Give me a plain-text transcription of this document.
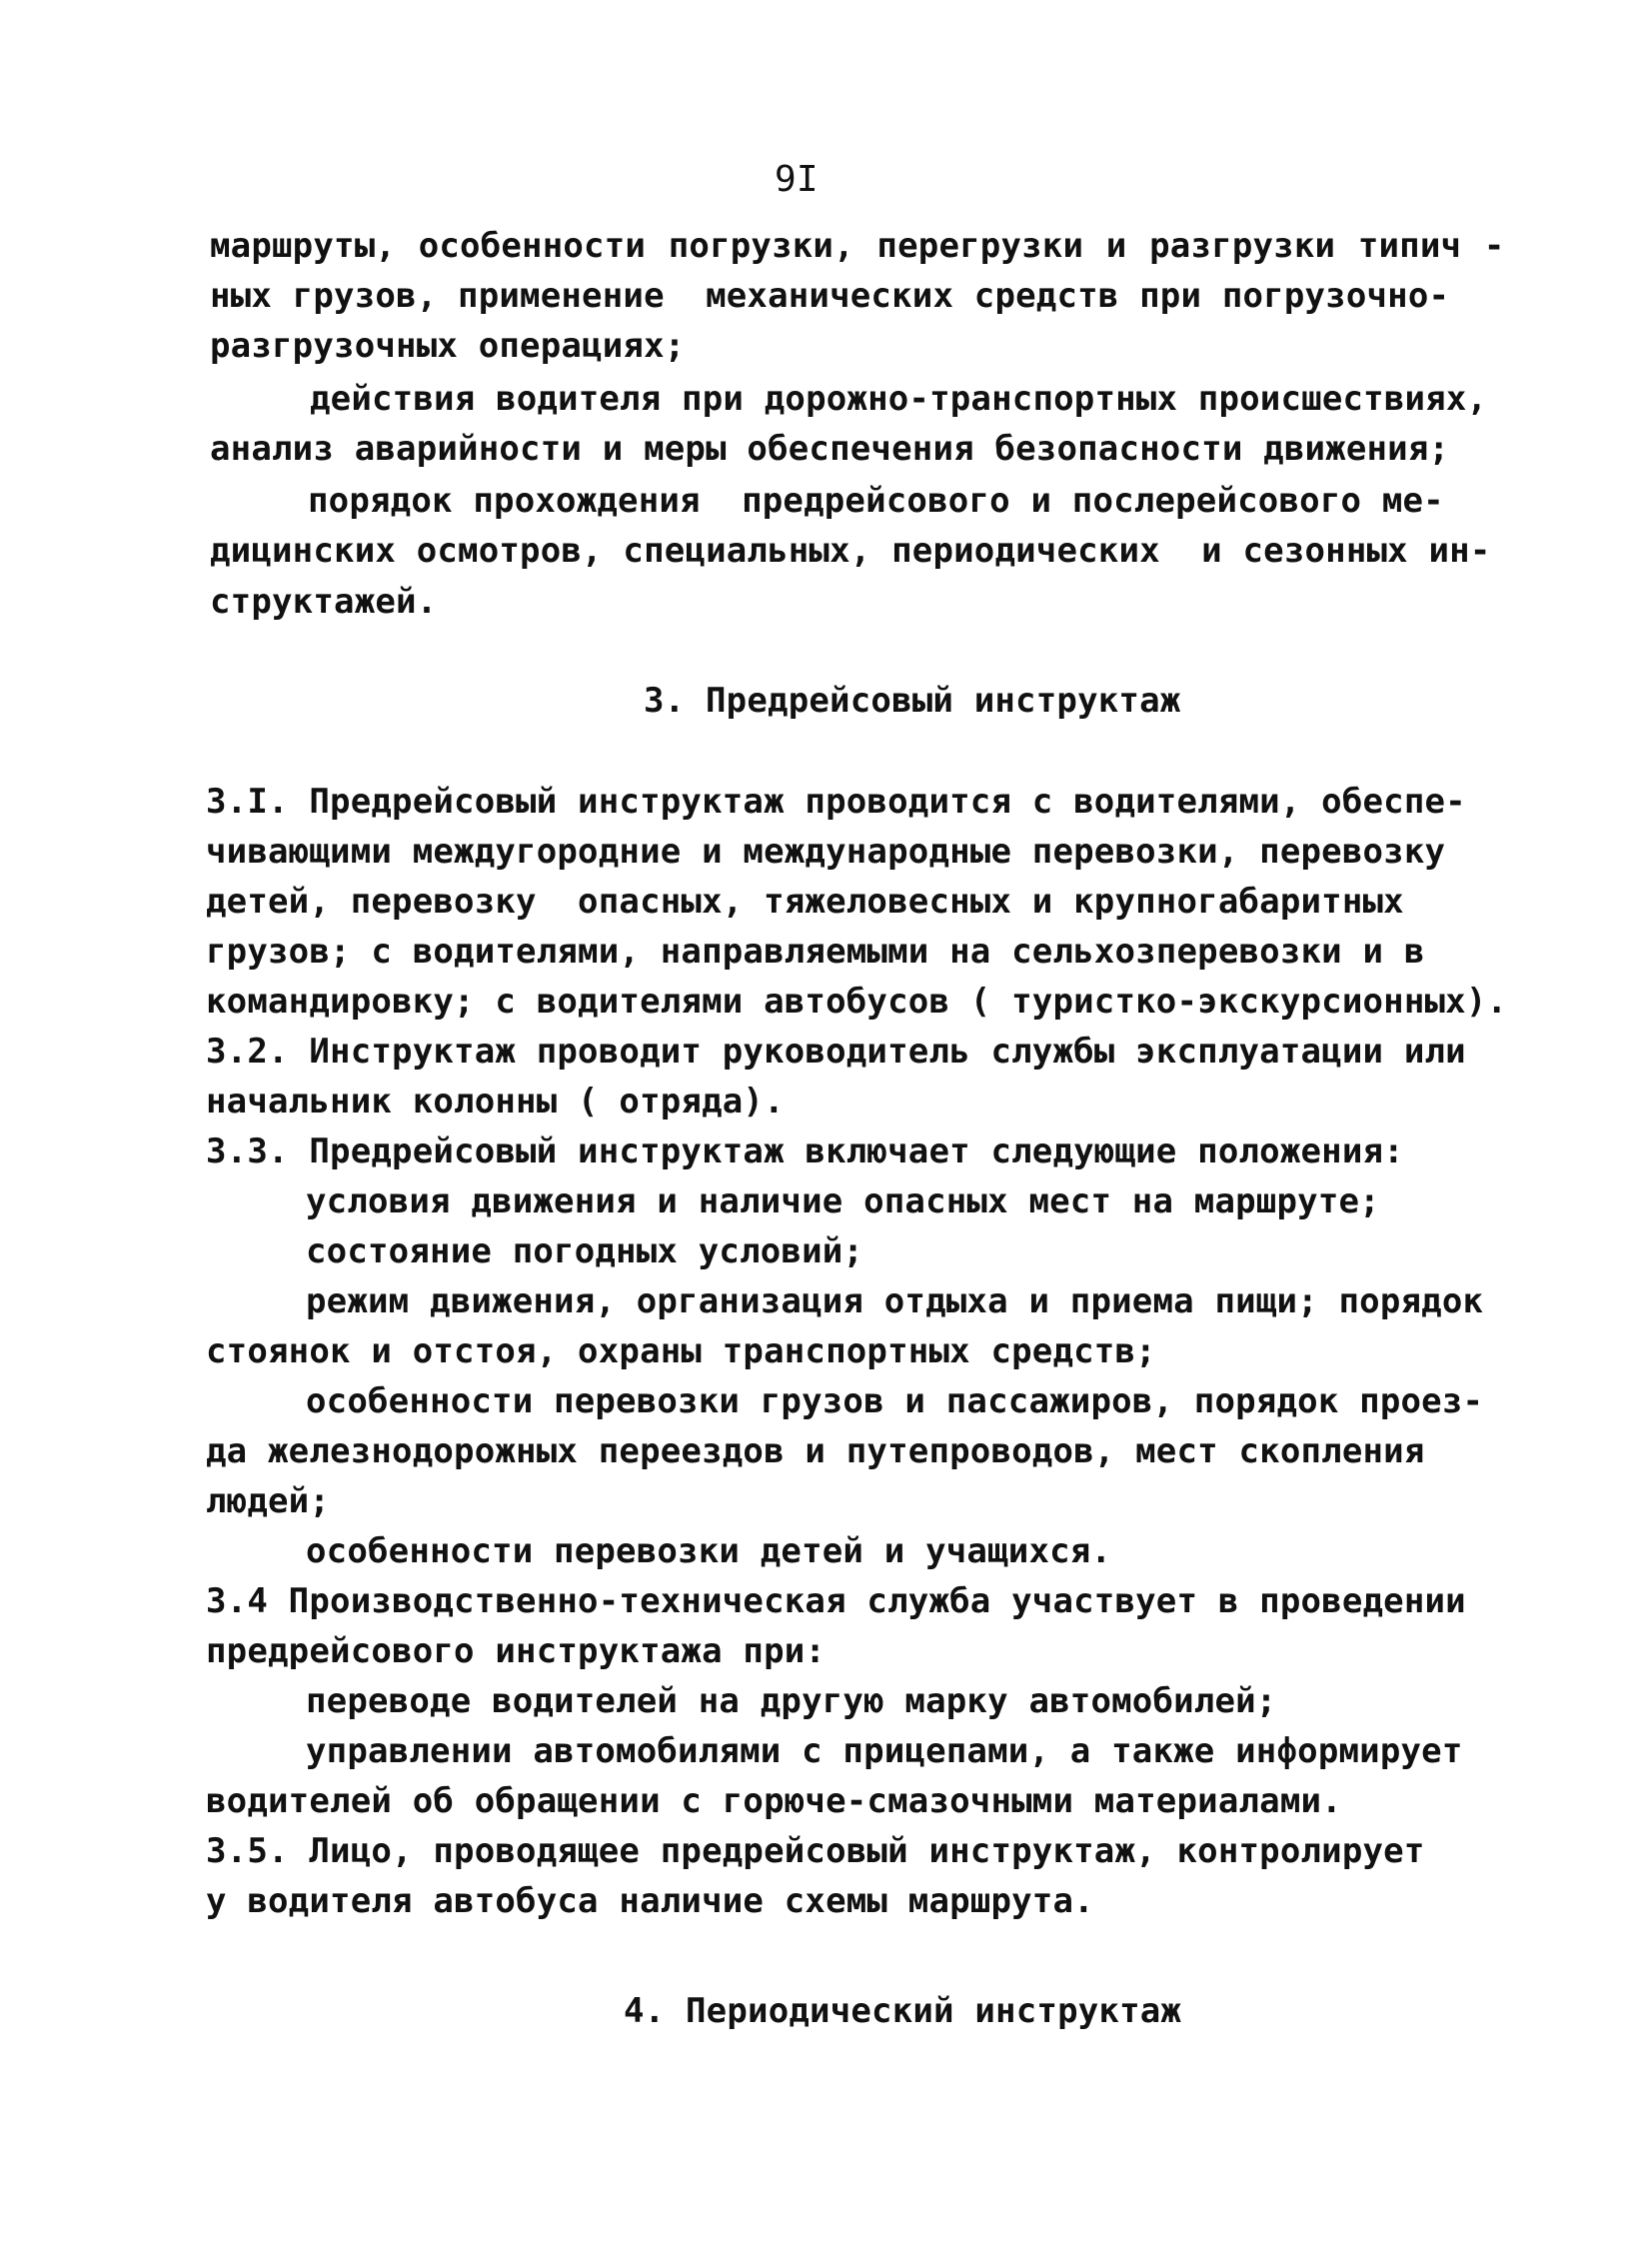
9I
маршруты, особенности погрузки, перегрузки и разгрузки типич -
ных грузов, применение  механических средств при погрузочно-
разгрузочных операциях;
действия водителя при дорожно-транспортных происшествиях,
анализ аварийности и меры обеспечения безопасности движения;
порядок прохождения  предрейсового и послерейсового ме-
дицинских осмотров, специальных, периодических  и сезонных ин-
структажей.
3. Предрейсовый инструктаж
3.I. Предрейсовый инструктаж проводится с водителями, обеспе-
чивающими междугородние и международные перевозки, перевозку
детей, перевозку  опасных, тяжеловесных и крупногабаритных
грузов; с водителями, направляемыми на сельхозперевозки и в
командировку; с водителями автобусов ( туристко-экскурсионных).
3.2. Инструктаж проводит руководитель службы эксплуатации или
начальник колонны ( отряда).
3.3. Предрейсовый инструктаж включает следующие положения:
условия движения и наличие опасных мест на маршруте;
состояние погодных условий;
режим движения, организация отдыха и приема пищи; порядок
стоянок и отстоя, охраны транспортных средств;
особенности перевозки грузов и пассажиров, порядок проез-
да железнодорожных переездов и путепроводов, мест скопления
людей;
особенности перевозки детей и учащихся.
3.4 Производственно-техническая служба участвует в проведении
предрейсового инструктажа при:
переводе водителей на другую марку автомобилей;
управлении автомобилями с прицепами, а также информирует
водителей об обращении с горюче-смазочными материалами.
3.5. Лицо, проводящее предрейсовый инструктаж, контролирует
у водителя автобуса наличие схемы маршрута.
4. Периодический инструктаж
